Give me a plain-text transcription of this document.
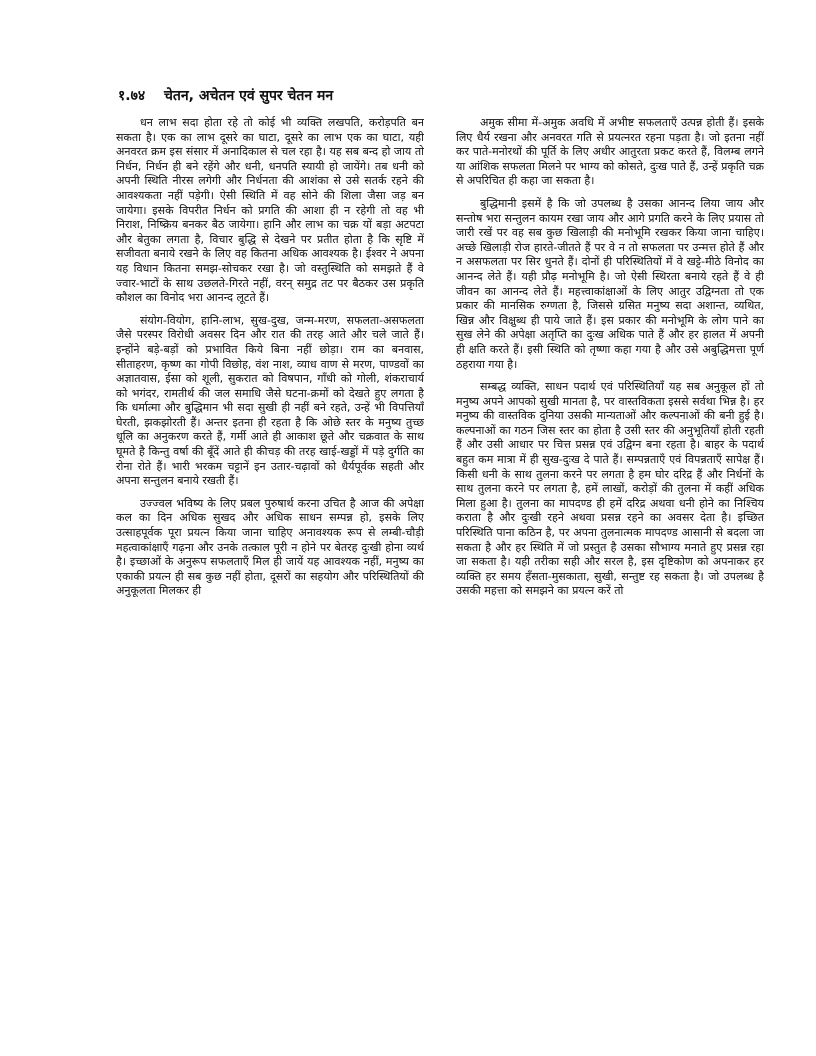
१.७४ चेतन, अचेतन एवं सुपर चेतन मन

धन लाभ सदा होता रहे तो कोई भी व्यक्ति लखपति, करोड़पति बन सकता है। एक का लाभ दूसरे का घाटा, दूसरे का लाभ एक का घाटा, यही अनवरत क्रम इस संसार में अनादिकाल से चल रहा है। यह सब बन्द हो जाय तो निर्धन, निर्धन ही बने रहेंगे और धनी, धनपति स्यायी हो जायेंगे। तब धनी को अपनी स्थिति नीरस लगेगी और निर्धनता की आशंका से उसे सतर्क रहने की आवश्यकता नहीं पड़ेगी। ऐसी स्थिति में वह सोने की शिला जैसा जड़ बन जायेगा। इसके विपरीत निर्धन को प्रगति की आशा ही न रहेगी तो वह भी निराश, निष्क्रिय बनकर बैठ जायेगा। हानि और लाभ का चक्र यों बड़ा अटपटा और बेतुका लगता है, विचार बुद्धि से देखने पर प्रतीत होता है कि सृष्टि में सजीवता बनाये रखने के लिए वह कितना अधिक आवश्यक है। ईश्वर ने अपना यह विधान कितना समझ-सोचकर रखा है। जो वस्तुस्थिति को समझते हैं वे ज्वार-भाटों के साथ उछलते-गिरते नहीं, वरन् समुद्र तट पर बैठकर उस प्रकृति कौशल का विनोद भरा आनन्द लूटते हैं।

संयोग-वियोग, हानि-लाभ, सुख-दुख, जन्म-मरण, सफलता-असफलता जैसे परस्पर विरोधी अवसर दिन और रात की तरह आते और चले जाते हैं। इन्होंने बड़े-बड़ों को प्रभावित किये बिना नहीं छोड़ा। राम का बनवास, सीताहरण, कृष्ण का गोपी विछोह, वंश नाश, व्याध वाण से मरण, पाण्डवों का अज्ञातवास, ईसा को शूली, सुकरात को विषपान, गाँधी को गोली, शंकराचार्य को भगंदर, रामतीर्थ की जल समाधि जैसे घटना-क्रमों को देखते हुए लगता है कि धर्मात्मा और बुद्धिमान भी सदा सुखी ही नहीं बने रहते, उन्हें भी विपत्तियाँ घेरती, झकझोरती हैं। अन्तर इतना ही रहता है कि ओछे स्तर के मनुष्य तुच्छ धूलि का अनुकरण करते हैं, गर्मी आते ही आकाश छूते और चक्रवात के साथ घूमते है किन्तु वर्षा की बूँदें आते ही कीचड़ की तरह खाई-खड्डों में पड़े दुर्गति का रोना रोते हैं। भारी भरकम चट्टानें इन उतार-चढ़ावों को धैर्यपूर्वक सहती और अपना सन्तुलन बनाये रखती हैं।

उज्ज्वल भविष्य के लिए प्रबल पुरुषार्थ करना उचित है आज की अपेक्षा कल का दिन अधिक सुखद और अधिक साधन सम्पन्न हो, इसके लिए उत्साहपूर्वक पूरा प्रयत्न किया जाना चाहिए अनावश्यक रूप से लम्बी-चौड़ी महत्वाकांक्षाएँ गढ़ना और उनके तत्काल पूरी न होने पर बेतरह दुःखी होना व्यर्थ है। इच्छाओं के अनुरूप सफलताएँ मिल ही जायें यह आवश्यक नहीं, मनुष्य का एकाकी प्रयत्न ही सब कुछ नहीं होता, दूसरों का सहयोग और परिस्थितियों की अनुकूलता मिलकर ही

अमुक सीमा में-अमुक अवधि में अभीष्ट सफलताएँ उत्पन्न होती हैं। इसके लिए धैर्य रखना और अनवरत गति से प्रयत्नरत रहना पड़ता है। जो इतना नहीं कर पाते-मनोरथों की पूर्ति के लिए अधीर आतुरता प्रकट करते हैं, विलम्ब लगने या आंशिक सफलता मिलने पर भाग्य को कोसते, दुःख पाते हैं, उन्हें प्रकृति चक्र से अपरिचित ही कहा जा सकता है।

बुद्धिमानी इसमें है कि जो उपलब्ध है उसका आनन्द लिया जाय और सन्तोष भरा सन्तुलन कायम रखा जाय और आगे प्रगति करने के लिए प्रयास तो जारी रखें पर वह सब कुछ खिलाड़ी की मनोभूमि रखकर किया जाना चाहिए। अच्छे खिलाड़ी रोज हारते-जीतते हैं पर वे न तो सफलता पर उन्मत्त होते हैं और न असफलता पर सिर धुनते हैं। दोनों ही परिस्थितियों में वे खट्टे-मीठे विनोद का आनन्द लेते हैं। यही प्रौढ़ मनोभूमि है। जो ऐसी स्थिरता बनाये रहते हैं वे ही जीवन का आनन्द लेते हैं। महत्त्वाकांक्षाओं के लिए आतुर उद्विग्नता तो एक प्रकार की मानसिक रुग्णता है, जिससे ग्रसित मनुष्य सदा अशान्त, व्यथित, खिन्न और विक्षुब्ध ही पाये जाते हैं। इस प्रकार की मनोभूमि के लोग पाने का सुख लेने की अपेक्षा अतृप्ति का दुःख अधिक पाते हैं और हर हालत में अपनी ही क्षति करते हैं। इसी स्थिति को तृष्णा कहा गया है और उसे अबुद्धिमत्ता पूर्ण ठहराया गया है।

सम्बद्ध व्यक्ति, साधन पदार्थ एवं परिस्थितियाँ यह सब अनुकूल हों तो मनुष्य अपने आपको सुखी मानता है, पर वास्तविकता इससे सर्वथा भिन्न है। हर मनुष्य की वास्तविक दुनिया उसकी मान्यताओं और कल्पनाओं की बनी हुई है। कल्पनाओं का गठन जिस स्तर का होता है उसी स्तर की अनुभूतियाँ होती रहती हैं और उसी आधार पर चित्त प्रसन्न एवं उद्विग्न बना रहता है। बाहर के पदार्थ बहुत कम मात्रा में ही सुख-दुःख दे पाते हैं। सम्पन्नताएँ एवं विपन्नताएँ सापेक्ष हैं। किसी धनी के साथ तुलना करने पर लगता है हम घोर दरिद्र हैं और निर्धनों के साथ तुलना करने पर लगता है, हमें लाखों, करोड़ों की तुलना में कहीं अधिक मिला हुआ है। तुलना का मापदण्ड ही हमें दरिद्र अथवा धनी होने का निश्चिय कराता है और दुःखी रहने अथवा प्रसन्न रहने का अवसर देता है। इच्छित परिस्थिति पाना कठिन है, पर अपना तुलनात्मक मापदण्ड आसानी से बदला जा सकता है और हर स्थिति में जो प्रस्तुत है उसका सौभाग्य मनाते हुए प्रसन्न रहा जा सकता है। यही तरीका सही और सरल है, इस दृष्टिकोण को अपनाकर हर व्यक्ति हर समय हँसता-मुसकाता, सुखी, सन्तुष्ट रह सकता है। जो उपलब्ध है उसकी महत्ता को समझने का प्रयत्न करें तो
